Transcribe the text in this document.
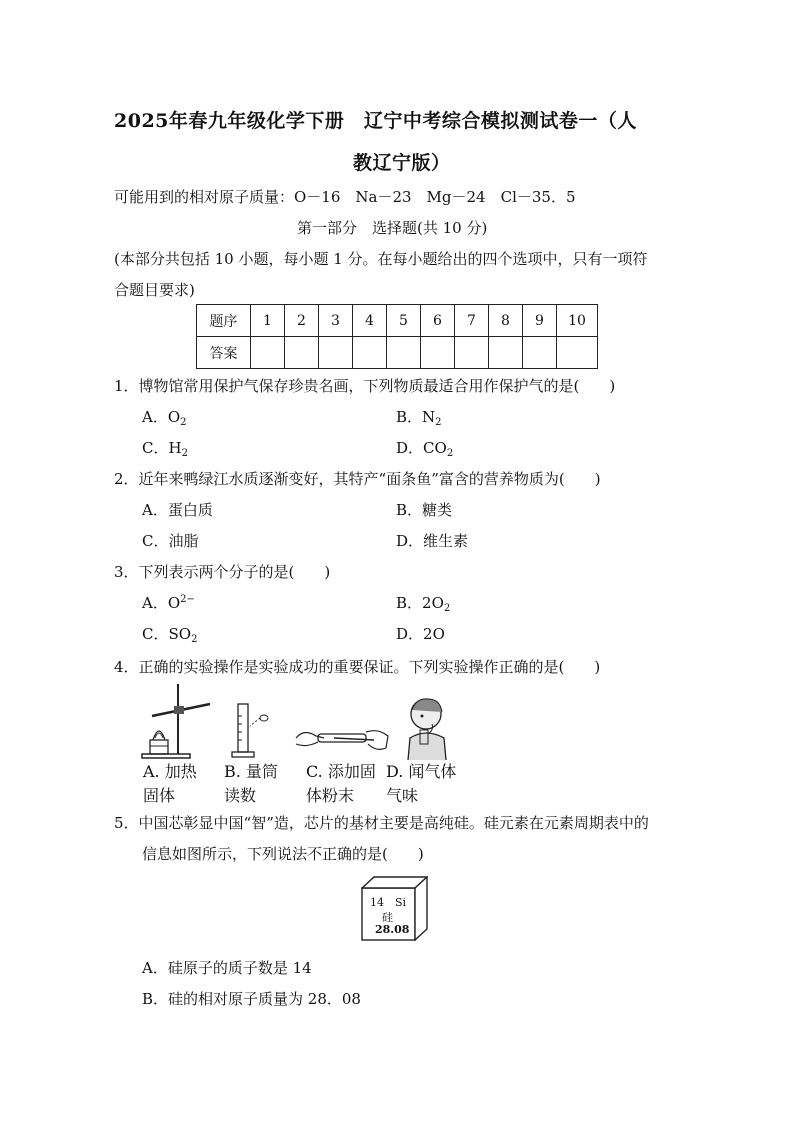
2025年春九年级化学下册　辽宁中考综合模拟测试卷一（人
教辽宁版）
可能用到的相对原子质量：O－16　Na－23　Mg－24　Cl－35．5
第一部分　选择题(共 10 分)
(本部分共包括 10 小题，每小题 1 分。在每小题给出的四个选项中，只有一项符
合题目要求)
题序	1	2	3	4	5	6	7	8	9	10
答案										
1．博物馆常用保护气保存珍贵名画，下列物质最适合用作保护气的是(　　)
A．$O_2$	B．$N_2$
C．$H_2$	D．$CO_2$
2．近年来鸭绿江水质逐渐变好，其特产“面条鱼”富含的营养物质为(　　)
A．蛋白质	B．糖类
C．油脂	D．维生素
3．下列表示两个分子的是(　　)
A．$O^{2-}$	B．$2O_2$
C．$SO_2$	D．2O
4．正确的实验操作是实验成功的重要保证。下列实验操作正确的是(　　)
A. 加热
固体
B. 量筒
读数
C. 添加固
体粉末
D. 闻气体
气味
5．中国芯彰显中国“智”造，芯片的基材主要是高纯硅。硅元素在元素周期表中的
信息如图所示，下列说法不正确的是(　　)
14 Si
硅
28.08
A．硅原子的质子数是 14
B．硅的相对原子质量为 28．08
